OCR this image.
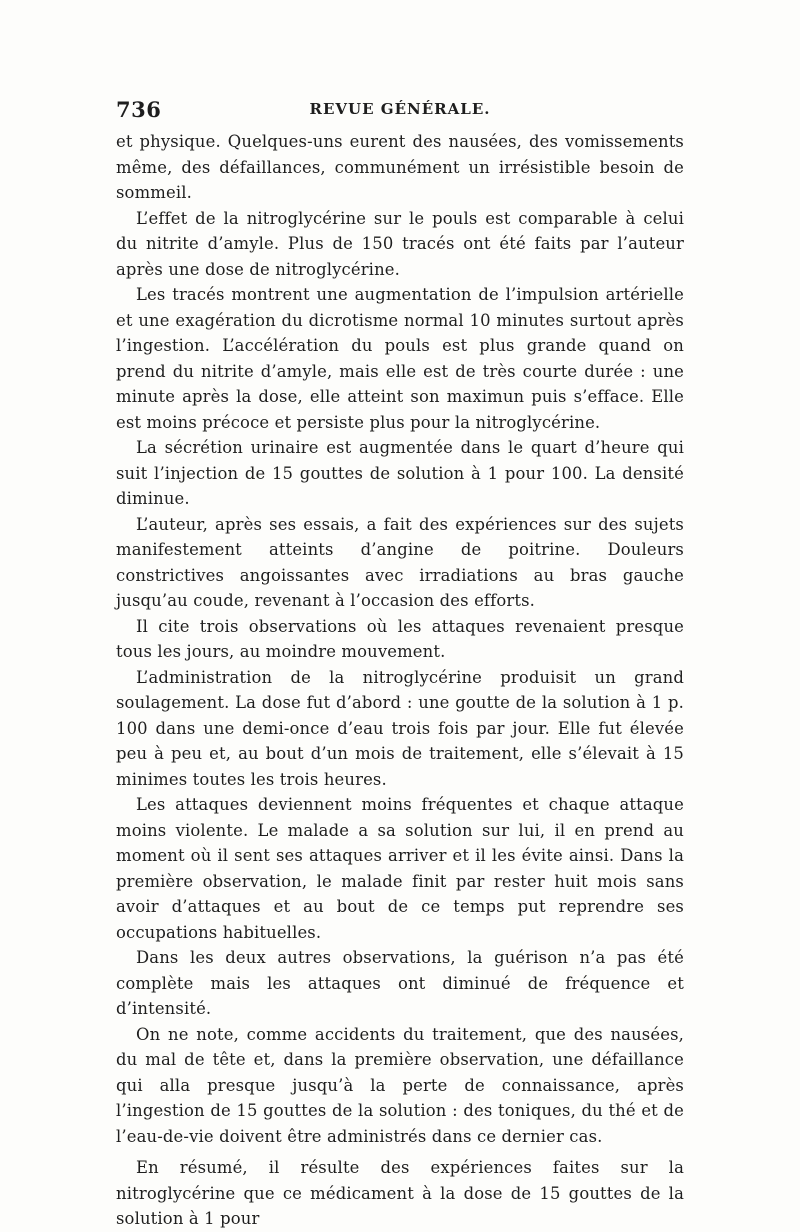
736	REVUE GÉNÉRALE.

et physique. Quelques-uns eurent des nausées, des vomissements même, des défaillances, communément un irrésistible besoin de sommeil.

L’effet de la nitroglycérine sur le pouls est comparable à celui du nitrite d’amyle. Plus de 150 tracés ont été faits par l’auteur après une dose de nitroglycérine.

Les tracés montrent une augmentation de l’impulsion artérielle et une exagération du dicrotisme normal 10 minutes surtout après l’ingestion. L’accélération du pouls est plus grande quand on prend du nitrite d’amyle, mais elle est de très courte durée : une minute après la dose, elle atteint son maximun puis s’efface. Elle est moins précoce et persiste plus pour la nitroglycérine.

La sécrétion urinaire est augmentée dans le quart d’heure qui suit l’injection de 15 gouttes de solution à 1 pour 100. La densité diminue.

L’auteur, après ses essais, a fait des expériences sur des sujets manifestement atteints d’angine de poitrine. Douleurs constrictives angoissantes avec irradiations au bras gauche jusqu’au coude, revenant à l’occasion des efforts.

Il cite trois observations où les attaques revenaient presque tous les jours, au moindre mouvement.

L’administration de la nitroglycérine produisit un grand soulagement. La dose fut d’abord : une goutte de la solution à 1 p. 100 dans une demi-once d’eau trois fois par jour. Elle fut élevée peu à peu et, au bout d’un mois de traitement, elle s’élevait à 15 minimes toutes les trois heures.

Les attaques deviennent moins fréquentes et chaque attaque moins violente. Le malade a sa solution sur lui, il en prend au moment où il sent ses attaques arriver et il les évite ainsi. Dans la première observation, le malade finit par rester huit mois sans avoir d’attaques et au bout de ce temps put reprendre ses occupations habituelles.

Dans les deux autres observations, la guérison n’a pas été complète mais les attaques ont diminué de fréquence et d’intensité.

On ne note, comme accidents du traitement, que des nausées, du mal de tête et, dans la première observation, une défaillance qui alla presque jusqu’à la perte de connaissance, après l’ingestion de 15 gouttes de la solution : des toniques, du thé et de l’eau-de-vie doivent être administrés dans ce dernier cas.

En résumé, il résulte des expériences faites sur la nitroglycérine que ce médicament à la dose de 15 gouttes de la solution à 1 pour
